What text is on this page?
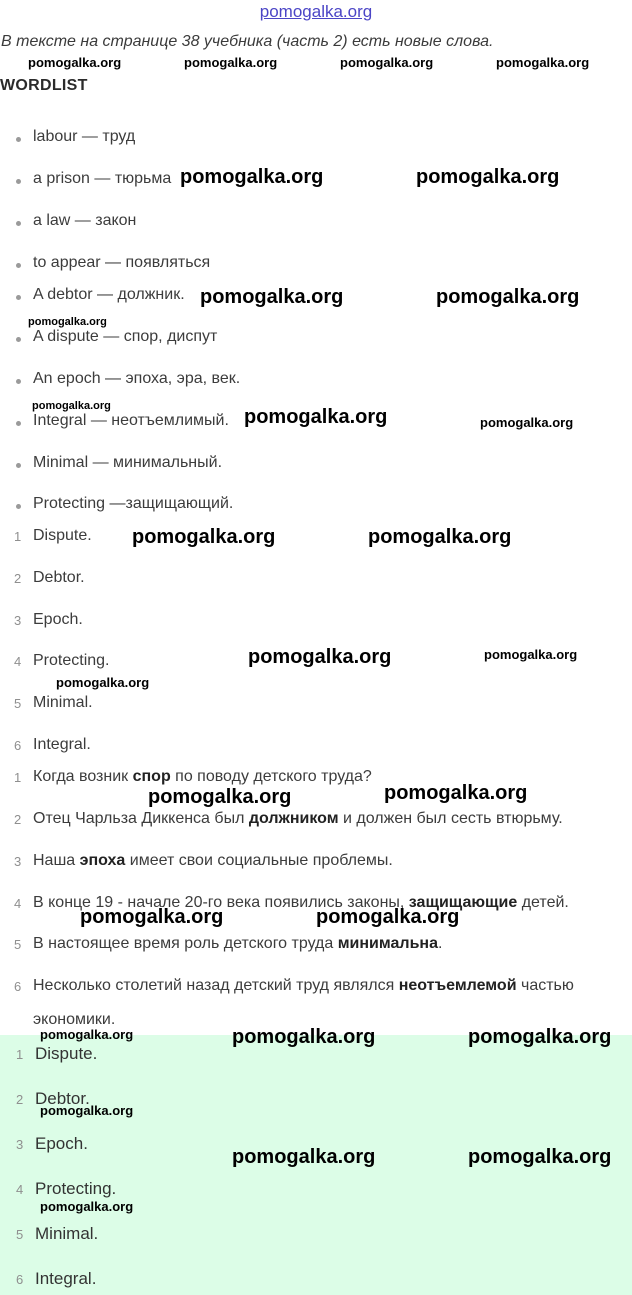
pomogalka.org
В тексте на странице 38 учебника (часть 2) есть новые слова.
WORDLIST
labour — труд
a prison — тюрьма
a law — закон
to appear — появляться
A debtor — должник.
A dispute — спор, диспут
An epoch — эпоха, эра, век.
Integral — неотъемлимый.
Minimal — минимальный.
Protecting —защищающий.
1 Dispute.
2 Debtor.
3 Epoch.
4 Protecting.
5 Minimal.
6 Integral.
1 Когда возник спор по поводу детского труда?
2 Отец Чарльза Диккенса был должником и должен был сесть втюрьму.
3 Наша эпоха имеет свои социальные проблемы.
4 В конце 19 - начале 20-го века появились законы, защищающие детей.
5 В настоящее время роль детского труда минимальна.
6 Несколько столетий назад детский труд являлся неотъемлемой частью
экономики.
1 Dispute.
2 Debtor.
3 Epoch.
4 Protecting.
5 Minimal.
6 Integral.
pomogalka.org	pomogalka.org	pomogalka.org	pomogalka.org
pomogalka.org	pomogalka.org
pomogalka.org	pomogalka.org
pomogalka.org
pomogalka.org	pomogalka.org	pomogalka.org
pomogalka.org	pomogalka.org
pomogalka.org	pomogalka.org
pomogalka.org
pomogalka.org	pomogalka.org
pomogalka.org	pomogalka.org
pomogalka.org	pomogalka.org	pomogalka.org
pomogalka.org
pomogalka.org	pomogalka.org
pomogalka.org
